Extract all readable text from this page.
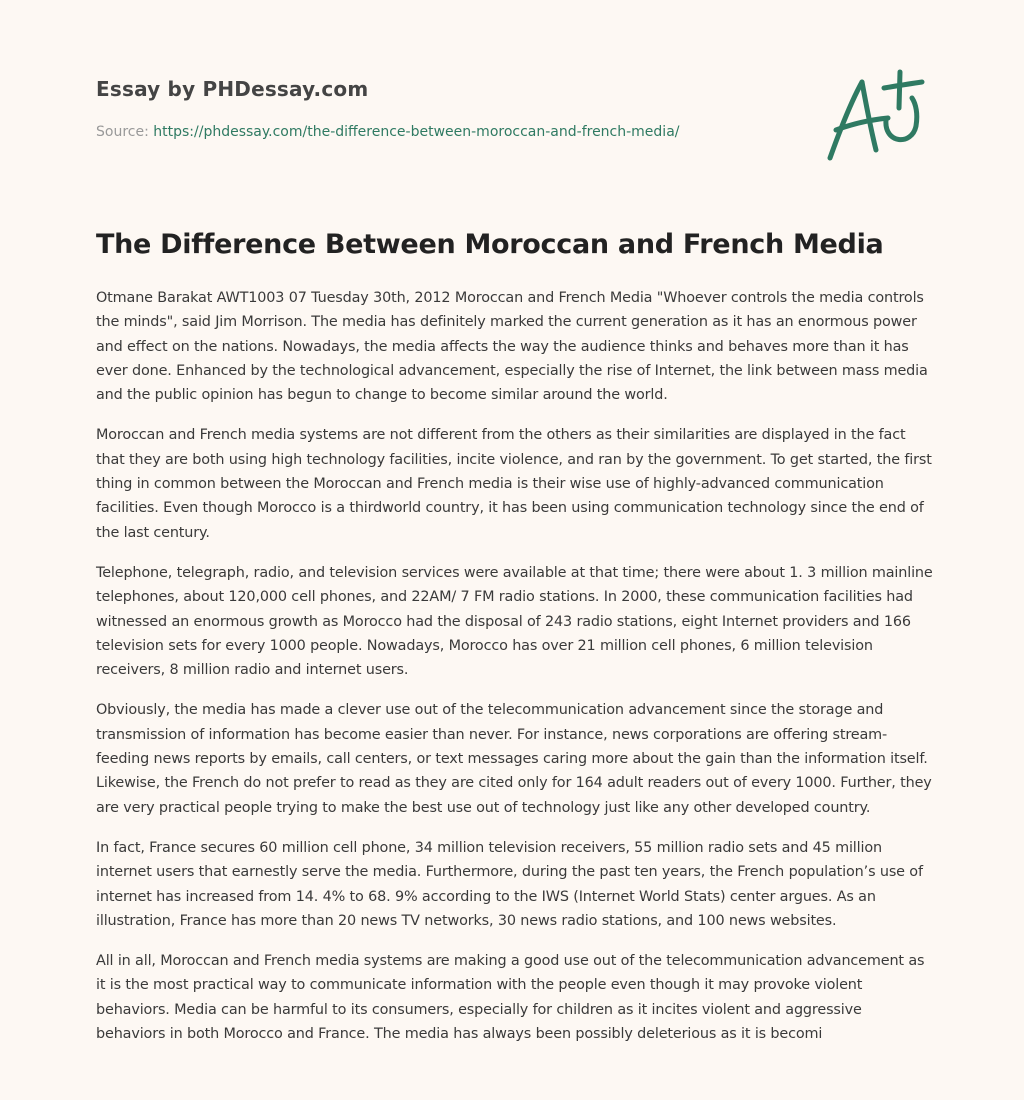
Essay by PHDessay.com
Source: https://phdessay.com/the-difference-between-moroccan-and-french-media/
The Difference Between Moroccan and French Media

Otmane Barakat AWT1003 07 Tuesday 30th, 2012 Moroccan and French Media "Whoever controls the media controls the minds", said Jim Morrison. The media has definitely marked the current generation as it has an enormous power and effect on the nations. Nowadays, the media affects the way the audience thinks and behaves more than it has ever done. Enhanced by the technological advancement, especially the rise of Internet, the link between mass media and the public opinion has begun to change to become similar around the world.

Moroccan and French media systems are not different from the others as their similarities are displayed in the fact that they are both using high technology facilities, incite violence, and ran by the government. To get started, the first thing in common between the Moroccan and French media is their wise use of highly-advanced communication facilities. Even though Morocco is a thirdworld country, it has been using communication technology since the end of the last century.

Telephone, telegraph, radio, and television services were available at that time; there were about 1. 3 million mainline telephones, about 120,000 cell phones, and 22AM/ 7 FM radio stations. In 2000, these communication facilities had witnessed an enormous growth as Morocco had the disposal of 243 radio stations, eight Internet providers and 166 television sets for every 1000 people. Nowadays, Morocco has over 21 million cell phones, 6 million television receivers, 8 million radio and internet users.

Obviously, the media has made a clever use out of the telecommunication advancement since the storage and transmission of information has become easier than never. For instance, news corporations are offering stream-feeding news reports by emails, call centers, or text messages caring more about the gain than the information itself. Likewise, the French do not prefer to read as they are cited only for 164 adult readers out of every 1000. Further, they are very practical people trying to make the best use out of technology just like any other developed country.

In fact, France secures 60 million cell phone, 34 million television receivers, 55 million radio sets and 45 million internet users that earnestly serve the media. Furthermore, during the past ten years, the French population’s use of internet has increased from 14. 4% to 68. 9% according to the IWS (Internet World Stats) center argues. As an illustration, France has more than 20 news TV networks, 30 news radio stations, and 100 news websites.

All in all, Moroccan and French media systems are making a good use out of the telecommunication advancement as it is the most practical way to communicate information with the people even though it may provoke violent behaviors. Media can be harmful to its consumers, especially for children as it incites violent and aggressive behaviors in both Morocco and France. The media has always been possibly deleterious as it is becomi
